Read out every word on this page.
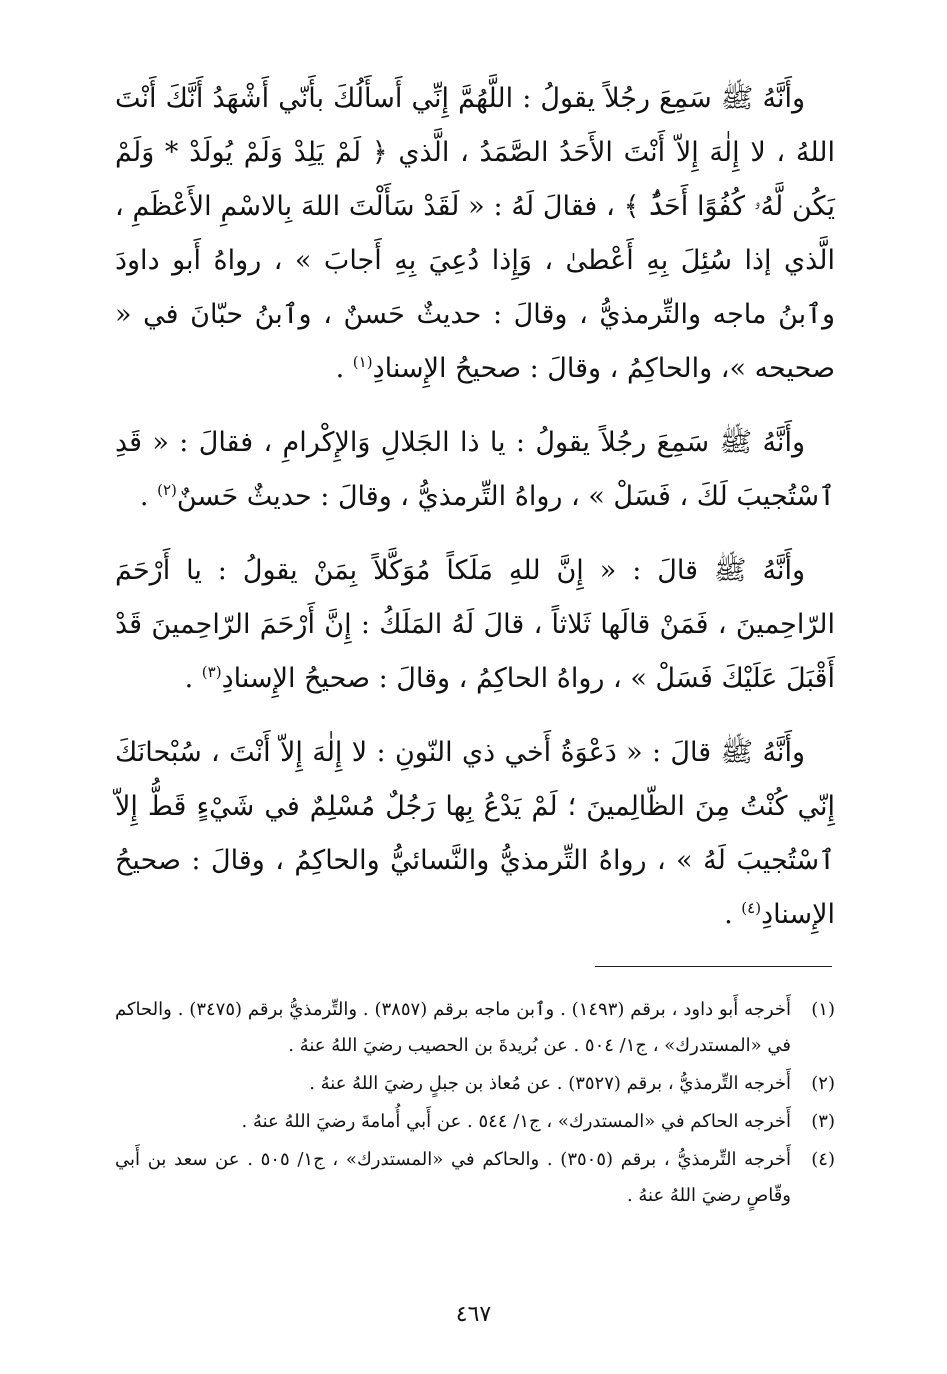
وأَنَّهُ ﷺ سَمِعَ رجُلاً يقولُ : اللَّهُمَّ إِنِّي أَسأَلُكَ بأَنّي أَشْهَدُ أَنَّكَ أَنْتَ اللهُ ، لا إِلٰهَ إِلاّ أَنْتَ الأَحَدُ الصَّمَدُ ، الَّذي ﴿ لَمْ يَلِدْ وَلَمْ يُولَدْ * وَلَمْ يَكُن لَّهُۥ كُفُوًا أَحَدٌۢ ﴾ ، فقالَ لَهُ : « لَقَدْ سَأَلْتَ اللهَ بِالاسْمِ الأَعْظَمِ ، الَّذي إذا سُئِلَ بِهِ أَعْطىٰ ، وَإِذا دُعِيَ بِهِ أَجابَ » ، رواهُ أَبو داودَ وٱبنُ ماجه والتِّرمذيُّ ، وقالَ : حديثٌ حَسنٌ ، وٱبنُ حبّانَ في « صحيحه »، والحاكِمُ ، وقالَ : صحيحُ الإِسنادِ$^{(١)}$ .

وأَنَّهُ ﷺ سَمِعَ رجُلاً يقولُ : يا ذا الجَلالِ وَالإِكْرامِ ، فقالَ : « قَدِ ٱسْتُجيبَ لَكَ ، فَسَلْ » ، رواهُ التِّرمذيُّ ، وقالَ : حديثٌ حَسنٌ$^{(٢)}$ .

وأَنَّهُ ﷺ قالَ : « إِنَّ للهِ مَلَكاً مُوَكَّلاً بِمَنْ يقولُ : يا أَرْحَمَ الرّاحِمينَ ، فَمَنْ قالَها ثَلاثاً ، قالَ لَهُ المَلَكُ : إِنَّ أَرْحَمَ الرّاحِمينَ قَدْ أَقْبَلَ عَلَيْكَ فَسَلْ » ، رواهُ الحاكِمُ ، وقالَ : صحيحُ الإِسنادِ$^{(٣)}$ .

وأَنَّهُ ﷺ قالَ : « دَعْوَةُ أَخي ذي النّونِ : لا إِلٰهَ إِلاّ أَنْتَ ، سُبْحانَكَ إِنّي كُنْتُ مِنَ الظّالِمينَ ؛ لَمْ يَدْعُ بِها رَجُلٌ مُسْلِمٌ في شَيْءٍ قَطُّ إِلاّ ٱسْتُجيبَ لَهُ » ، رواهُ التِّرمذيُّ والنَّسائيُّ والحاكِمُ ، وقالَ : صحيحُ الإِسنادِ$^{(٤)}$ .

(١)
أَخرجه أَبو داود ، برقم (١٤٩٣) . وٱبن ماجه برقم (٣٨٥٧) . والتِّرمذيُّ برقم (٣٤٧٥) . والحاكم في «المستدرك» ، ج١/ ٥٠٤ . عن بُريدةَ بن الحصيب رضيَ اللهُ عنهُ .
(٢)
أَخرجه التِّرمذيُّ ، برقم (٣٥٢٧) . عن مُعاذ بن جبلٍ رضيَ اللهُ عنهُ .
(٣)
أَخرجه الحاكم في «المستدرك» ، ج١/ ٥٤٤ . عن أَبي أُمامةَ رضيَ اللهُ عنهُ .
(٤)
أَخرجه التِّرمذيُّ ، برقم (٣٥٠٥) . والحاكم في «المستدرك» ، ج١/ ٥٠٥ . عن سعد بن أَبي وقّاصٍ رضيَ اللهُ عنهُ .
٤٦٧
